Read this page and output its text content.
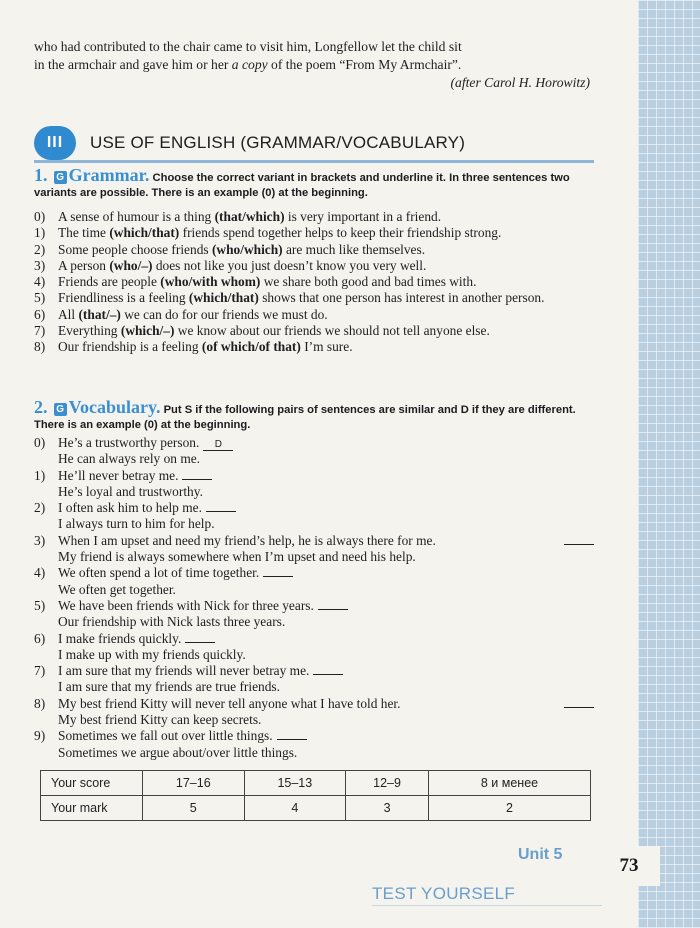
who had contributed to the chair came to visit him, Longfellow let the child sit
in the armchair and gave him or her a copy of the poem “From My Armchair”.
(after Carol H. Horowitz)
III	USE OF ENGLISH (GRAMMAR/VOCABULARY)
1. G Grammar. Choose the correct variant in brackets and underline it. In three sentences two variants are possible. There is an example (0) at the beginning.
0) A sense of humour is a thing (that/which) is very important in a friend.
1) The time (which/that) friends spend together helps to keep their friendship strong.
2) Some people choose friends (who/which) are much like themselves.
3) A person (who/–) does not like you just doesn’t know you very well.
4) Friends are people (who/with whom) we share both good and bad times with.
5) Friendliness is a feeling (which/that) shows that one person has interest in another person.
6) All (that/–) we can do for our friends we must do.
7) Everything (which/–) we know about our friends we should not tell anyone else.
8) Our friendship is a feeling (of which/of that) I’m sure.
2. G Vocabulary. Put S if the following pairs of sentences are similar and D if they are different. There is an example (0) at the beginning.
0) He’s a trustworthy person. D
He can always rely on me.
1) He’ll never betray me.
He’s loyal and trustworthy.
2) I often ask him to help me.
I always turn to him for help.
3) When I am upset and need my friend’s help, he is always there for me.
My friend is always somewhere when I’m upset and need his help.
4) We often spend a lot of time together.
We often get together.
5) We have been friends with Nick for three years.
Our friendship with Nick lasts three years.
6) I make friends quickly.
I make up with my friends quickly.
7) I am sure that my friends will never betray me.
I am sure that my friends are true friends.
8) My best friend Kitty will never tell anyone what I have told her.
My best friend Kitty can keep secrets.
9) Sometimes we fall out over little things.
Sometimes we argue about/over little things.
Your score	17–16	15–13	12–9	8 и менее
Your mark	5	4	3	2
Unit 5
73
TEST YOURSELF
